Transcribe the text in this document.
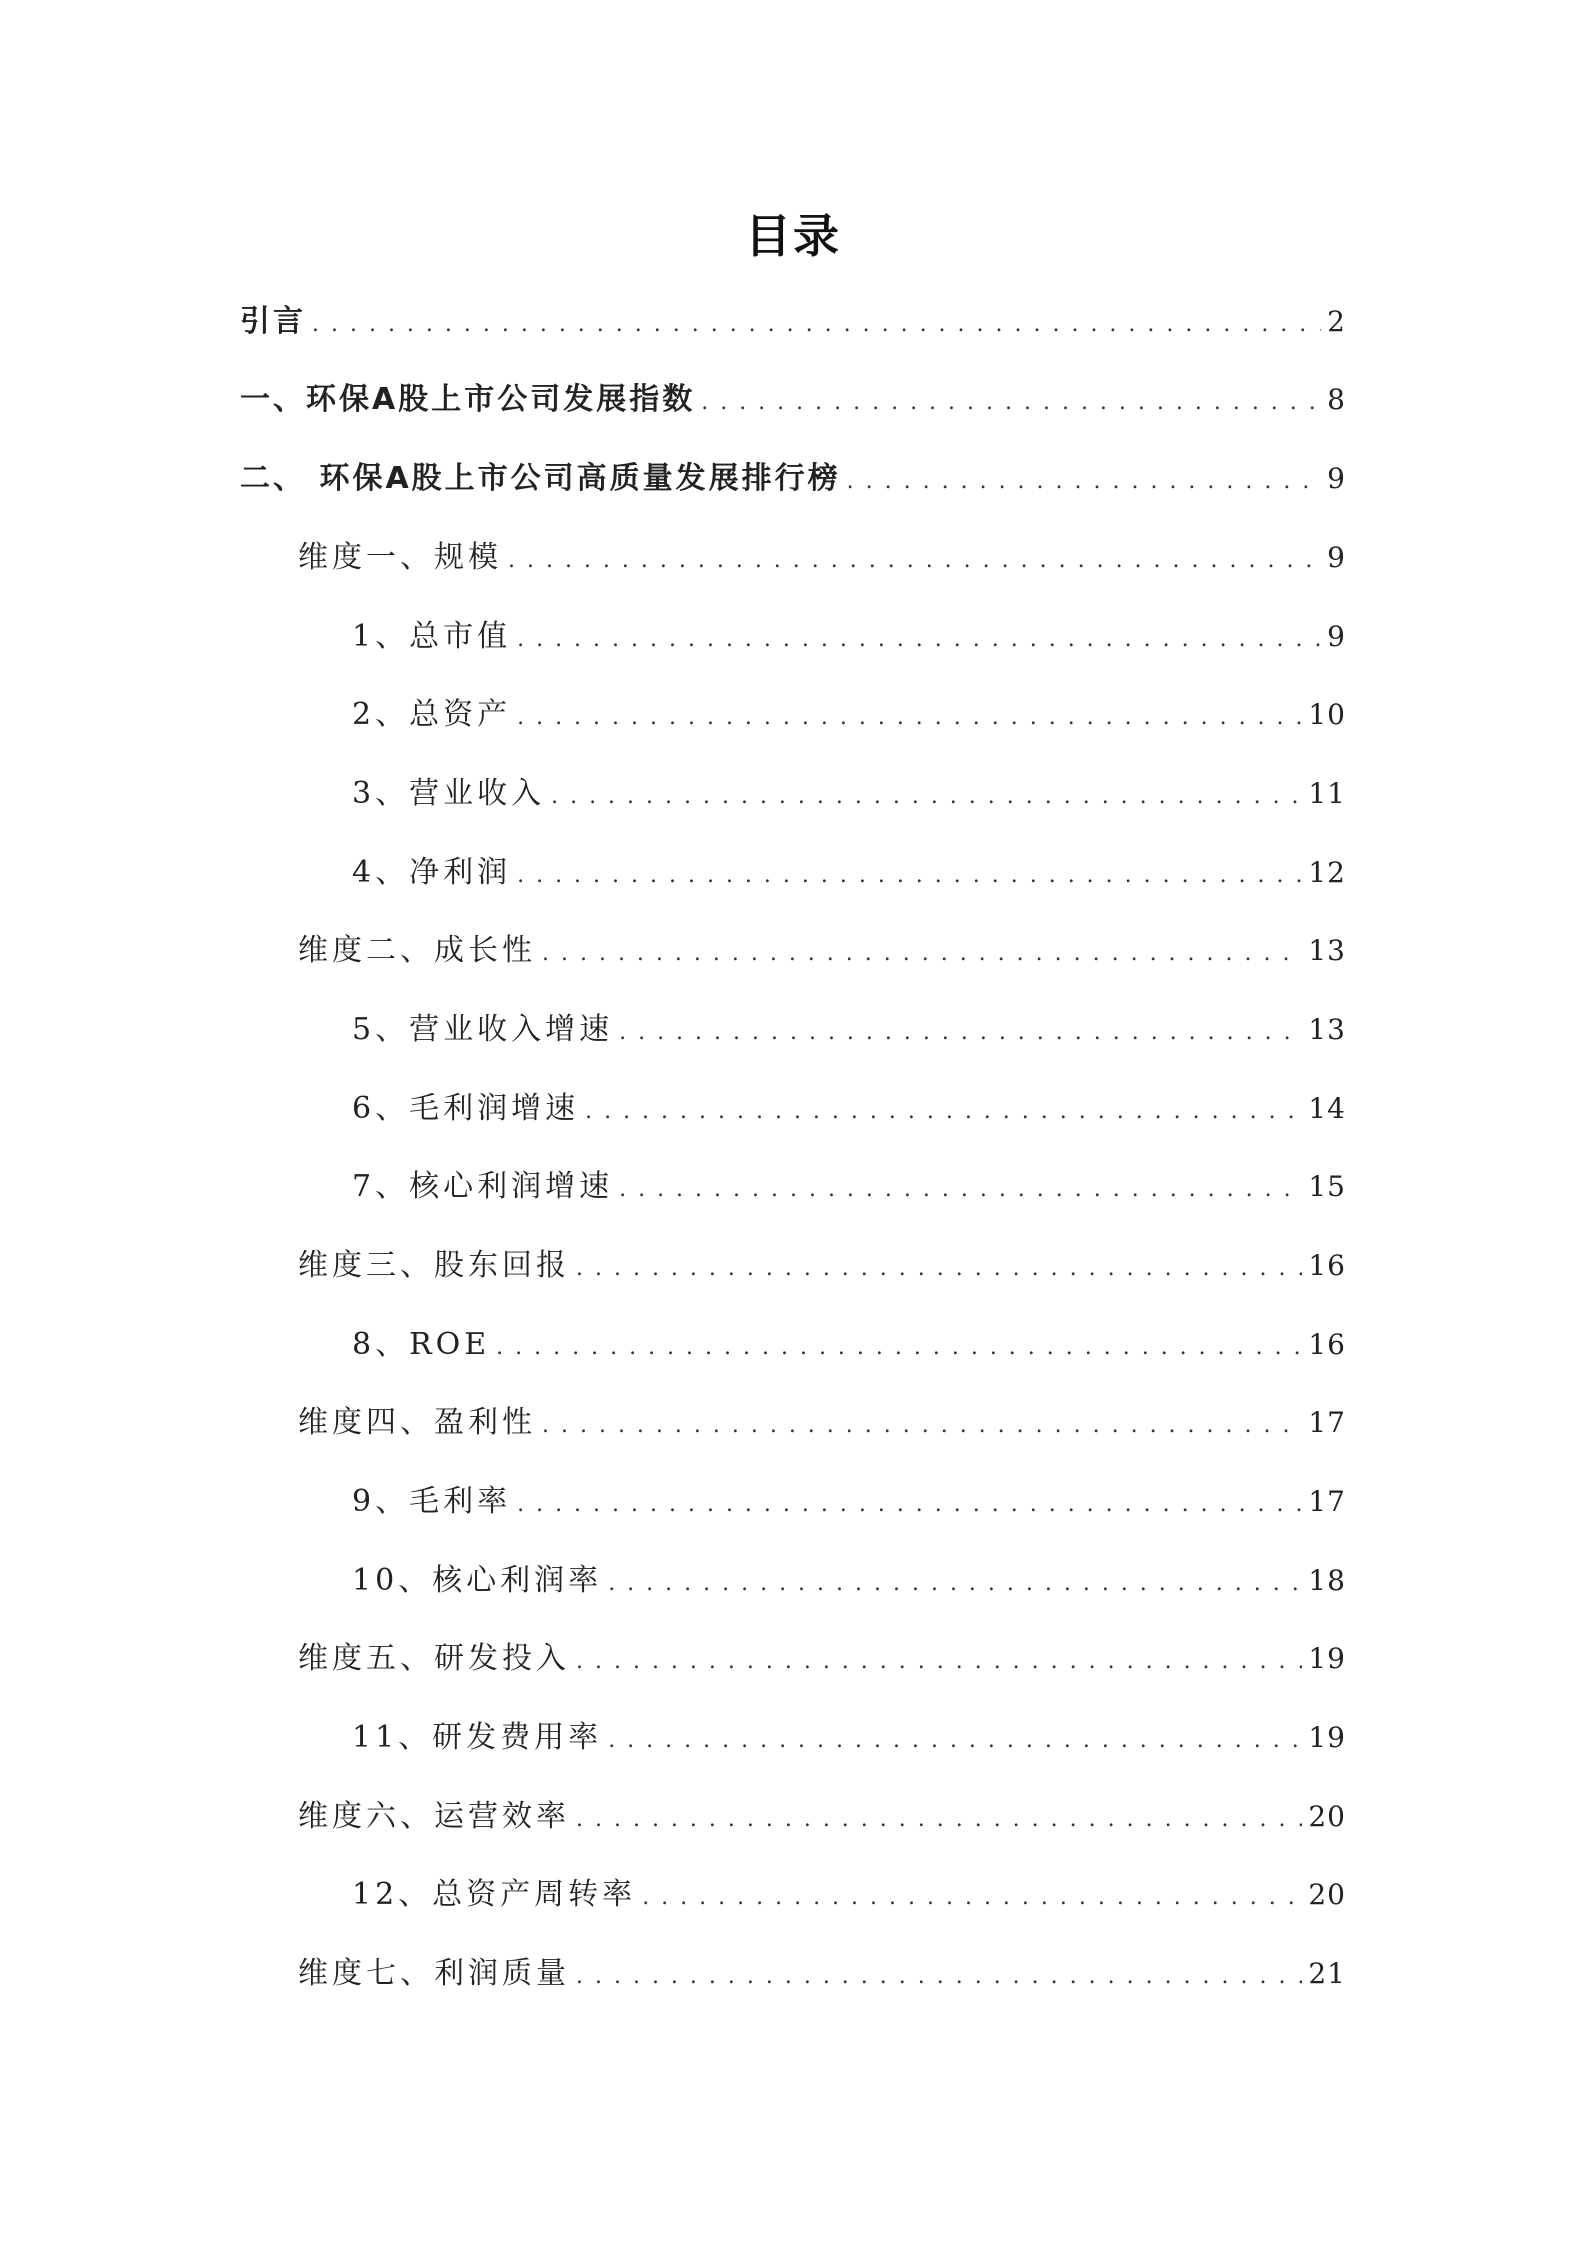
目录
引言 . . .	2
一、环保A股上市公司发展指数 . . .	8
二、 环保A股上市公司高质量发展排行榜 . . .	9
维度一、规模 . . .	9
1、总市值 . . .	9
2、总资产 . . .	10
3、营业收入 . . .	11
4、净利润 . . .	12
维度二、成长性 . . .	13
5、营业收入增速 . . .	13
6、毛利润增速 . . .	14
7、核心利润增速 . . .	15
维度三、股东回报 . . .	16
8、ROE . . .	16
维度四、盈利性 . . .	17
9、毛利率 . . .	17
10、核心利润率 . . .	18
维度五、研发投入 . . .	19
11、研发费用率 . . .	19
维度六、运营效率 . . .	20
12、总资产周转率 . . .	20
维度七、利润质量 . . .	21
